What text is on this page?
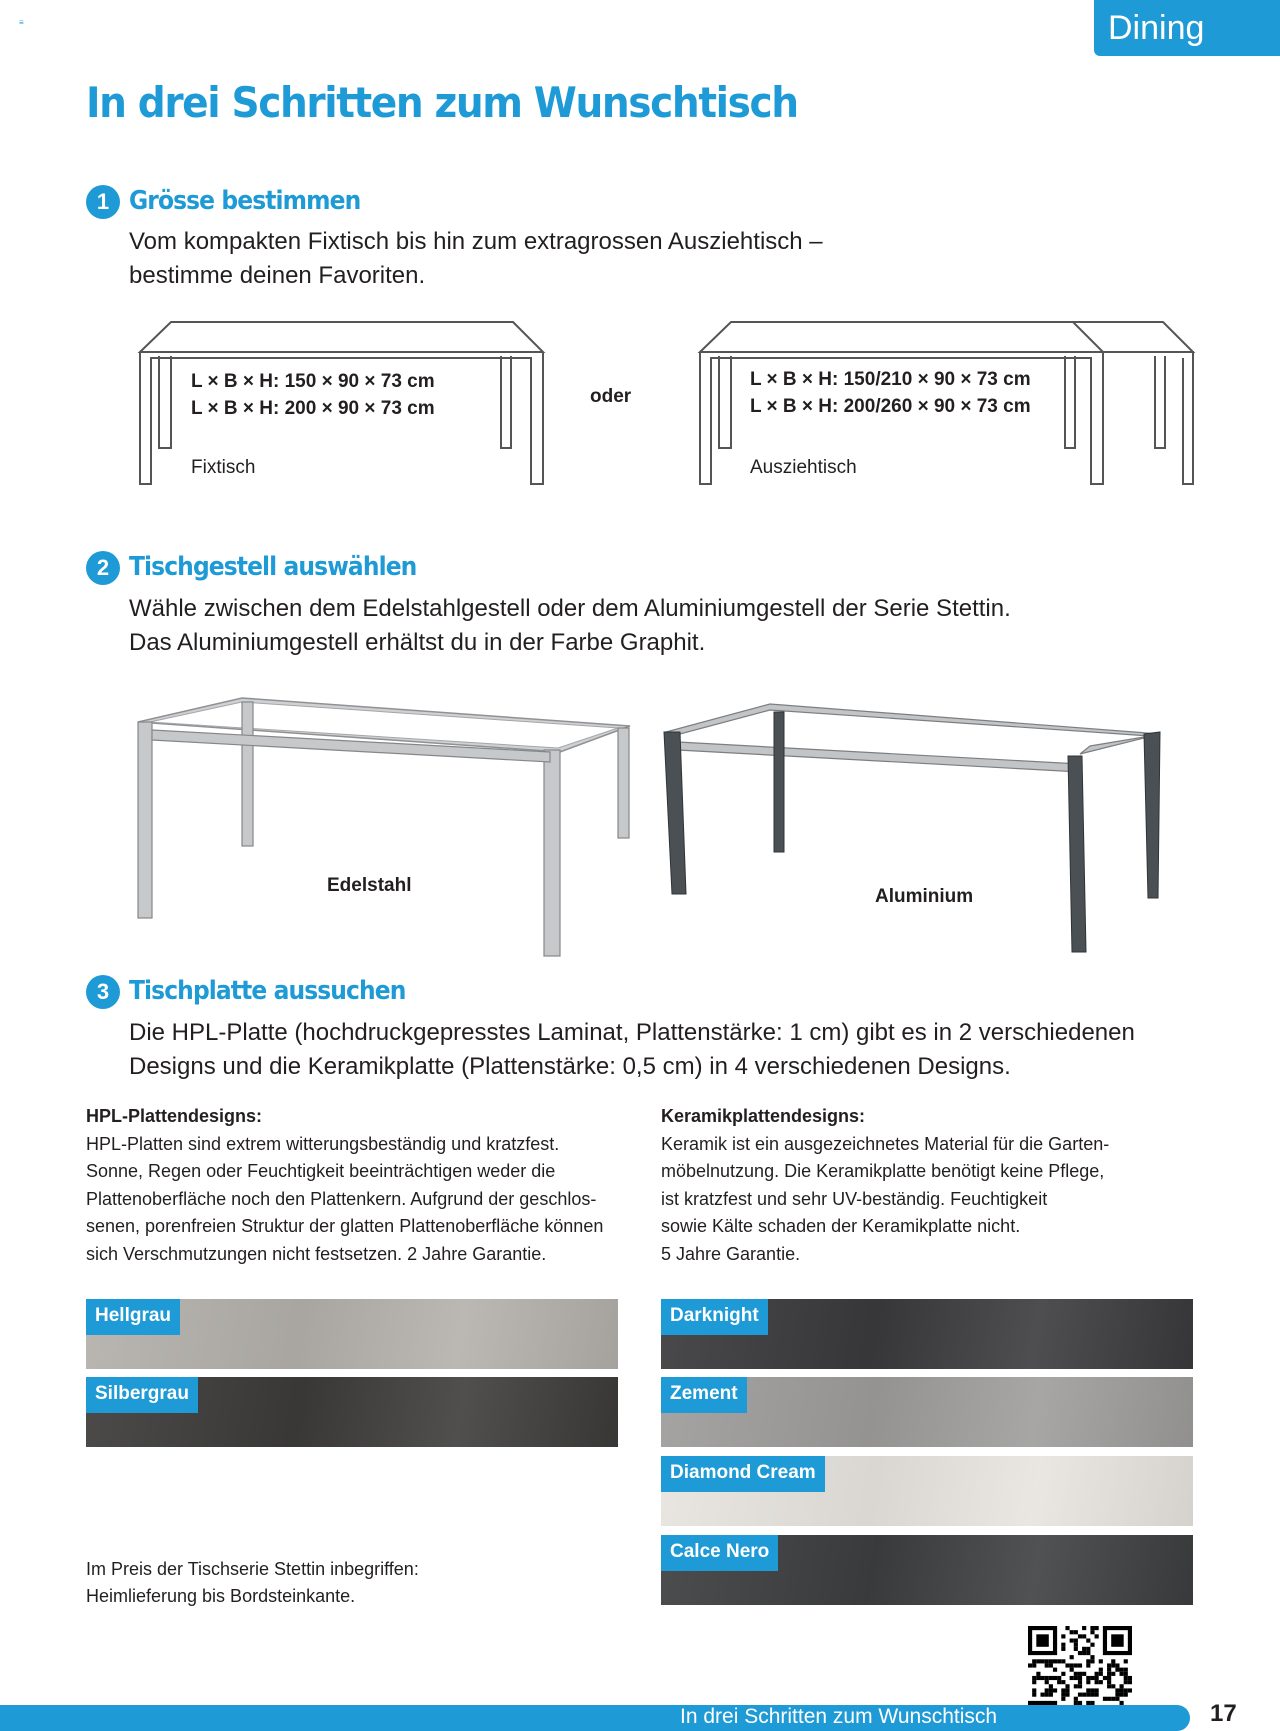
≡	Dining
In drei Schritten zum Wunschtisch
1 Grösse bestimmen
Vom kompakten Fixtisch bis hin zum extragrossen Ausziehtisch –
bestimme deinen Favoriten.
L × B × H: 150 × 90 × 73 cm
L × B × H: 200 × 90 × 73 cm
Fixtisch
oder
L × B × H: 150/210 × 90 × 73 cm
L × B × H: 200/260 × 90 × 73 cm
Ausziehtisch
2 Tischgestell auswählen
Wähle zwischen dem Edelstahlgestell oder dem Aluminiumgestell der Serie Stettin.
Das Aluminiumgestell erhältst du in der Farbe Graphit.
Edelstahl
Aluminium
3 Tischplatte aussuchen
Die HPL-Platte (hochdruckgepresstes Laminat, Plattenstärke: 1 cm) gibt es in 2 verschiedenen
Designs und die Keramikplatte (Plattenstärke: 0,5 cm) in 4 verschiedenen Designs.
HPL-Plattendesigns:
HPL-Platten sind extrem witterungsbeständig und kratzfest.
Sonne, Regen oder Feuchtigkeit beeinträchtigen weder die
Plattenoberfläche noch den Plattenkern. Aufgrund der geschlos-
senen, porenfreien Struktur der glatten Plattenoberfläche können
sich Verschmutzungen nicht festsetzen. 2 Jahre Garantie.
Keramikplattendesigns:
Keramik ist ein ausgezeichnetes Material für die Garten-
möbelnutzung. Die Keramikplatte benötigt keine Pflege,
ist kratzfest und sehr UV-beständig. Feuchtigkeit
sowie Kälte schaden der Keramikplatte nicht.
5 Jahre Garantie.
Hellgrau
Silbergrau
Darknight
Zement
Diamond Cream
Calce Nero
Im Preis der Tischserie Stettin inbegriffen:
Heimlieferung bis Bordsteinkante.
In drei Schritten zum Wunschtisch	17
